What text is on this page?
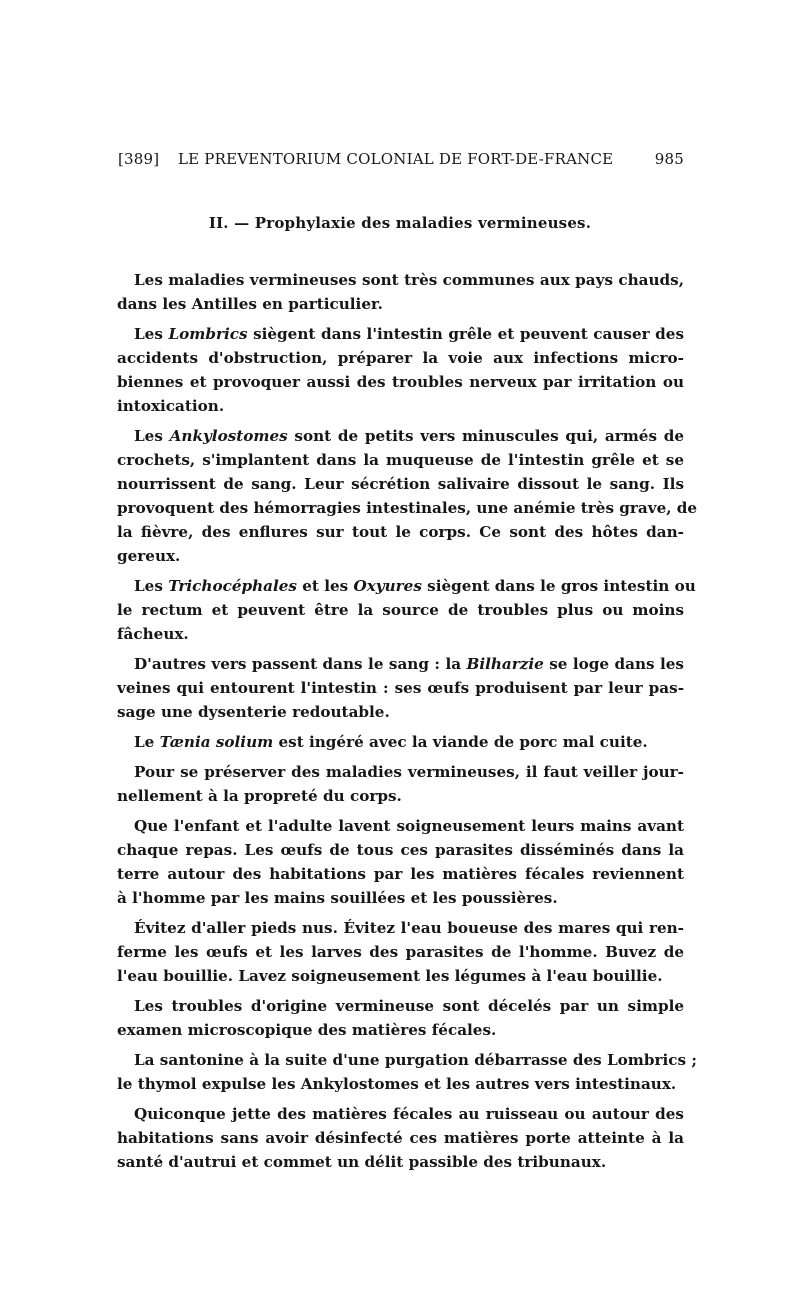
[389] LE PREVENTORIUM COLONIAL DE FORT-DE-FRANCE	985
II. — Prophylaxie des maladies vermineuses.

Les maladies vermineuses sont très communes aux pays chauds,
dans les Antilles en particulier.

Les Lombrics siègent dans l'intestin grêle et peuvent causer des
accidents d'obstruction, préparer la voie aux infections micro-
biennes et provoquer aussi des troubles nerveux par irritation ou
intoxication.

Les Ankylostomes sont de petits vers minuscules qui, armés de
crochets, s'implantent dans la muqueuse de l'intestin grêle et se
nourrissent de sang. Leur sécrétion salivaire dissout le sang. Ils
provoquent des hémorragies intestinales, une anémie très grave, de
la fièvre, des enflures sur tout le corps. Ce sont des hôtes dan-
gereux.

Les Trichocéphales et les Oxyures siègent dans le gros intestin ou
le rectum et peuvent être la source de troubles plus ou moins
fâcheux.

D'autres vers passent dans le sang : la Bilharzie se loge dans les
veines qui entourent l'intestin : ses œufs produisent par leur pas-
sage une dysenterie redoutable.

Le Tænia solium est ingéré avec la viande de porc mal cuite.

Pour se préserver des maladies vermineuses, il faut veiller jour-
nellement à la propreté du corps.

Que l'enfant et l'adulte lavent soigneusement leurs mains avant
chaque repas. Les œufs de tous ces parasites disséminés dans la
terre autour des habitations par les matières fécales reviennent
à l'homme par les mains souillées et les poussières.

Évitez d'aller pieds nus. Évitez l'eau boueuse des mares qui ren-
ferme les œufs et les larves des parasites de l'homme. Buvez de
l'eau bouillie. Lavez soigneusement les légumes à l'eau bouillie.

Les troubles d'origine vermineuse sont décelés par un simple
examen microscopique des matières fécales.

La santonine à la suite d'une purgation débarrasse des Lombrics ;
le thymol expulse les Ankylostomes et les autres vers intestinaux.

Quiconque jette des matières fécales au ruisseau ou autour des
habitations sans avoir désinfecté ces matières porte atteinte à la
santé d'autrui et commet un délit passible des tribunaux.
